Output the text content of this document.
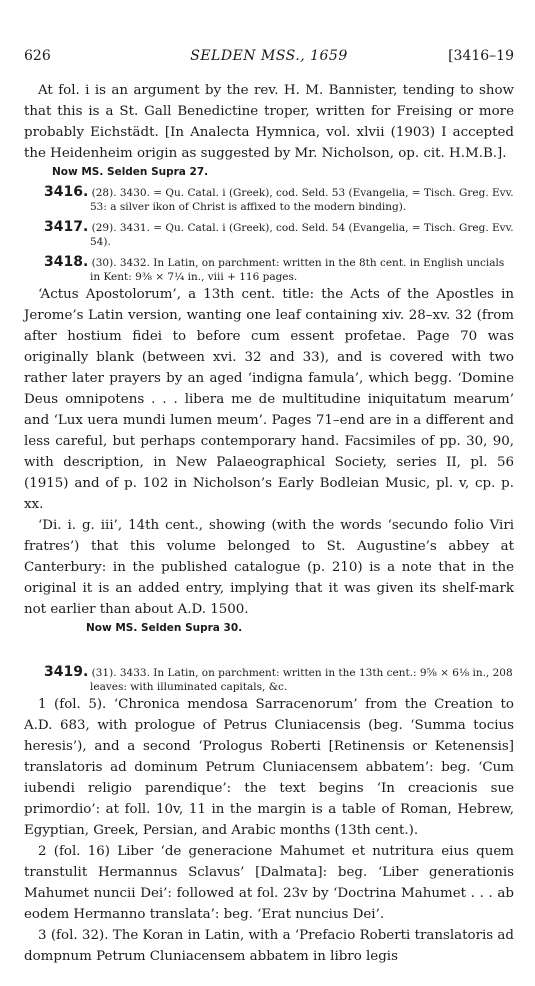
626	SELDEN MSS., 1659	[3416–19

At fol. i is an argument by the rev. H. M. Bannister, tending to show that this is a St. Gall Benedictine troper, written for Freising or more probably Eichstädt. [In Analecta Hymnica, vol. xlvii (1903) I accepted the Heidenheim origin as suggested by Mr. Nicholson, op. cit. H.M.B.].

Now MS. Selden Supra 27.

3416. (28). 3430. = Qu. Catal. i (Greek), cod. Seld. 53 (Evangelia, = Tisch. Greg. Evv. 53: a silver ikon of Christ is affixed to the modern binding).

3417. (29). 3431. = Qu. Catal. i (Greek), cod. Seld. 54 (Evangelia, = Tisch. Greg. Evv. 54).

3418. (30). 3432. In Latin, on parchment: written in the 8th cent. in English uncials in Kent: 9⅜ × 7¼ in., viii + 116 pages.

‘Actus Apostolorum’, a 13th cent. title: the Acts of the Apostles in Jerome’s Latin version, wanting one leaf containing xiv. 28–xv. 32 (from after hostium fidei to before cum essent profetae. Page 70 was originally blank (between xvi. 32 and 33), and is covered with two rather later prayers by an aged ‘indigna famula’, which begg. ‘Domine Deus omnipotens . . . libera me de multitudine iniquitatum mearum’ and ‘Lux uera mundi lumen meum’. Pages 71–end are in a different and less careful, but perhaps contemporary hand. Facsimiles of pp. 30, 90, with description, in New Palaeographical Society, series II, pl. 56 (1915) and of p. 102 in Nicholson’s Early Bodleian Music, pl. v, cp. p. xx.

‘Di. i. g. iii’, 14th cent., showing (with the words ‘secundo folio Viri fratres’) that this volume belonged to St. Augustine’s abbey at Canterbury: in the published catalogue (p. 210) is a note that in the original it is an added entry, implying that it was given its shelf-mark not earlier than about A.D. 1500.

Now MS. Selden Supra 30.

3419. (31). 3433. In Latin, on parchment: written in the 13th cent.: 9⅝ × 6⅛ in., 208 leaves: with illuminated capitals, &c.

1 (fol. 5). ‘Chronica mendosa Sarracenorum’ from the Creation to A.D. 683, with prologue of Petrus Cluniacensis (beg. ‘Summa tocius heresis’), and a second ‘Prologus Roberti [Retinensis or Ketenensis] translatoris ad dominum Petrum Cluniacensem abbatem’: beg. ‘Cum iubendi religio parendique’: the text begins ‘In creacionis sue primordio’: at foll. 10v, 11 in the margin is a table of Roman, Hebrew, Egyptian, Greek, Persian, and Arabic months (13th cent.).

2 (fol. 16) Liber ‘de generacione Mahumet et nutritura eius quem transtulit Hermannus Sclavus’ [Dalmata]: beg. ‘Liber generationis Mahumet nuncii Dei’: followed at fol. 23v by ‘Doctrina Mahumet . . . ab eodem Hermanno translata’: beg. ‘Erat nuncius Dei’.

3 (fol. 32). The Koran in Latin, with a ‘Prefacio Roberti translatoris ad dompnum Petrum Cluniacensem abbatem in libro legis
